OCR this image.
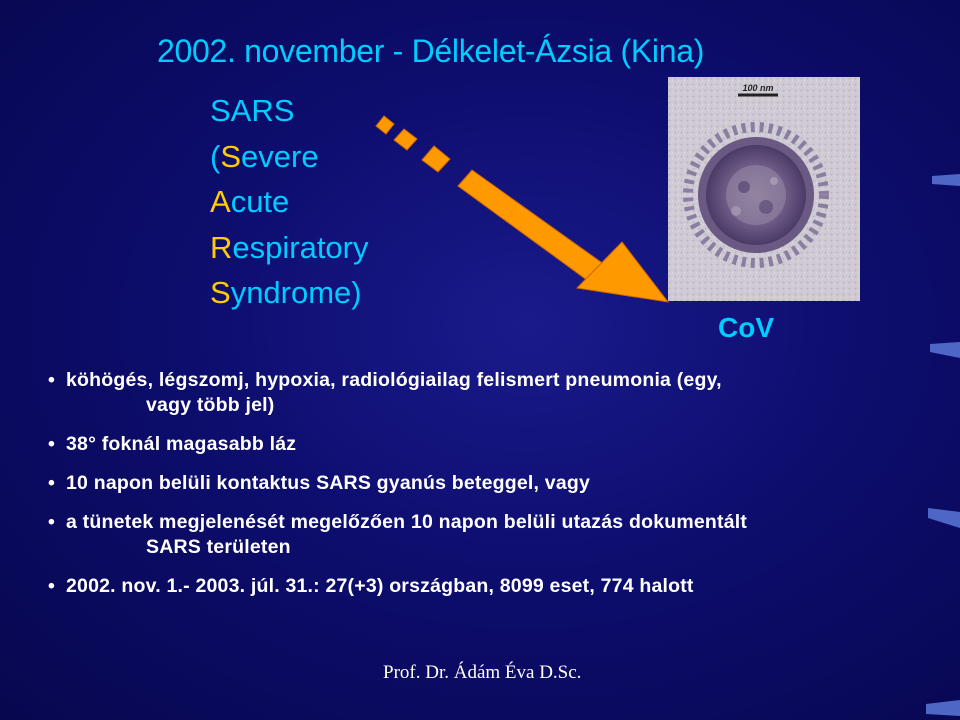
2002. november - Délkelet-Ázsia (Kina)
SARS
(Severe
Acute
Respiratory
Syndrome)
100 nm
CoV
• köhögés, légszomj, hypoxia, radiológiailag felismert pneumonia (egy,
vagy több jel)
• 38° foknál magasabb láz
• 10 napon belüli kontaktus SARS gyanús beteggel, vagy
• a tünetek megjelenését megelőzően 10 napon belüli utazás dokumentált
SARS területen
• 2002. nov. 1.- 2003. júl. 31.: 27(+3) országban, 8099 eset, 774 halott
Prof. Dr. Ádám Éva D.Sc.
